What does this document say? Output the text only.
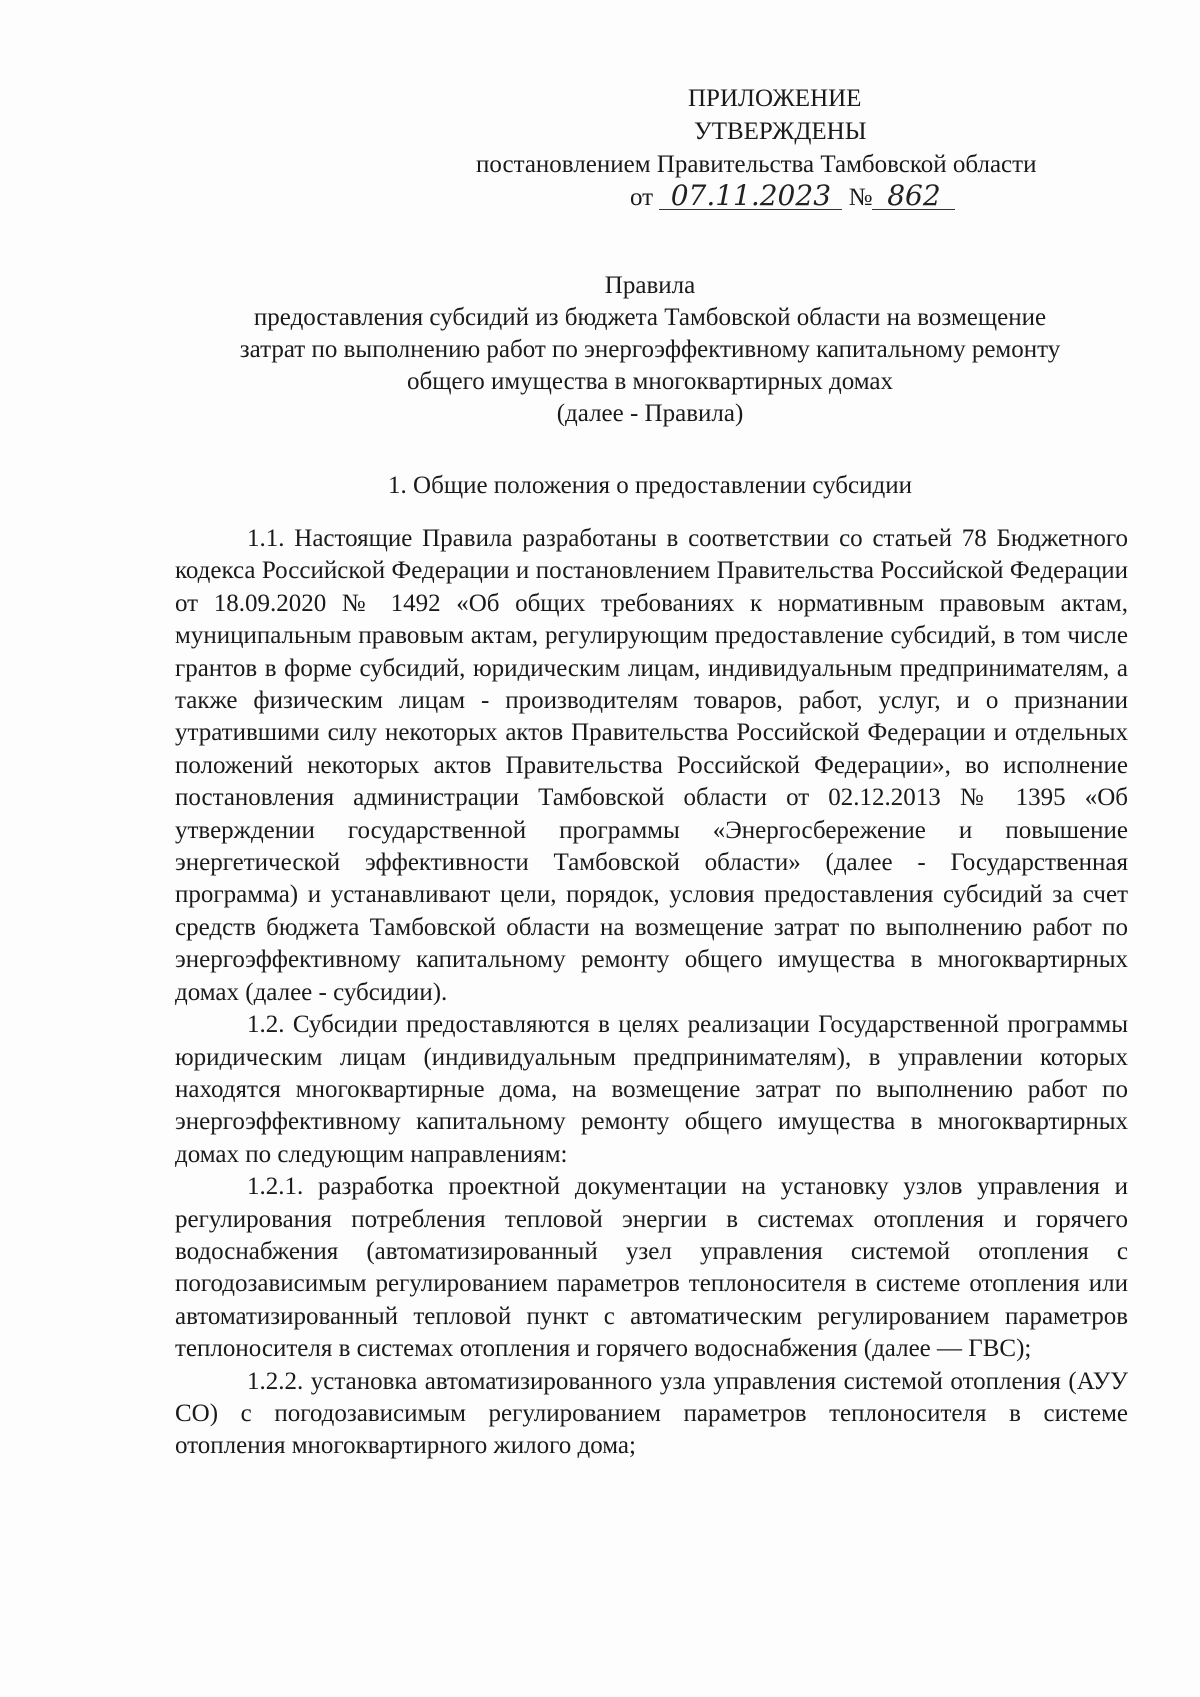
ПРИЛОЖЕНИЕ
УТВЕРЖДЕНЫ
постановлением Правительства Тамбовской области
от 07.11.2023 № 862
Правила
предоставления субсидий из бюджета Тамбовской области на возмещение
затрат по выполнению работ по энергоэффективному капитальному ремонту
общего имущества в многоквартирных домах
(далее - Правила)
1. Общие положения о предоставлении субсидии

1.1. Настоящие Правила разработаны в соответствии со статьей 78 Бюджетного кодекса Российской Федерации и постановлением Правительства Российской Федерации от 18.09.2020 № 1492 «Об общих требованиях к нормативным правовым актам, муниципальным правовым актам, регулирующим предоставление субсидий, в том числе грантов в форме субсидий, юридическим лицам, индивидуальным предпринимателям, а также физическим лицам - производителям товаров, работ, услуг, и о признании утратившими силу некоторых актов Правительства Российской Федерации и отдельных положений некоторых актов Правительства Российской Федерации», во исполнение постановления администрации Тамбовской области от 02.12.2013 № 1395 «Об утверждении государственной программы «Энергосбережение и повышение энергетической эффективности Тамбовской области» (далее - Государственная программа) и устанавливают цели, порядок, условия предоставления субсидий за счет средств бюджета Тамбовской области на возмещение затрат по выполнению работ по энергоэффективному капитальному ремонту общего имущества в многоквартирных домах (далее - субсидии).

1.2. Субсидии предоставляются в целях реализации Государственной программы юридическим лицам (индивидуальным предпринимателям), в управлении которых находятся многоквартирные дома, на возмещение затрат по выполнению работ по энергоэффективному капитальному ремонту общего имущества в многоквартирных домах по следующим направлениям:

1.2.1. разработка проектной документации на установку узлов управления и регулирования потребления тепловой энергии в системах отопления и горячего водоснабжения (автоматизированный узел управления системой отопления с погодозависимым регулированием параметров теплоносителя в системе отопления или автоматизированный тепловой пункт с автоматическим регулированием параметров теплоносителя в системах отопления и горячего водоснабжения (далее — ГВС);

1.2.2. установка автоматизированного узла управления системой отопления (АУУ СО) с погодозависимым регулированием параметров теплоносителя в системе отопления многоквартирного жилого дома;
